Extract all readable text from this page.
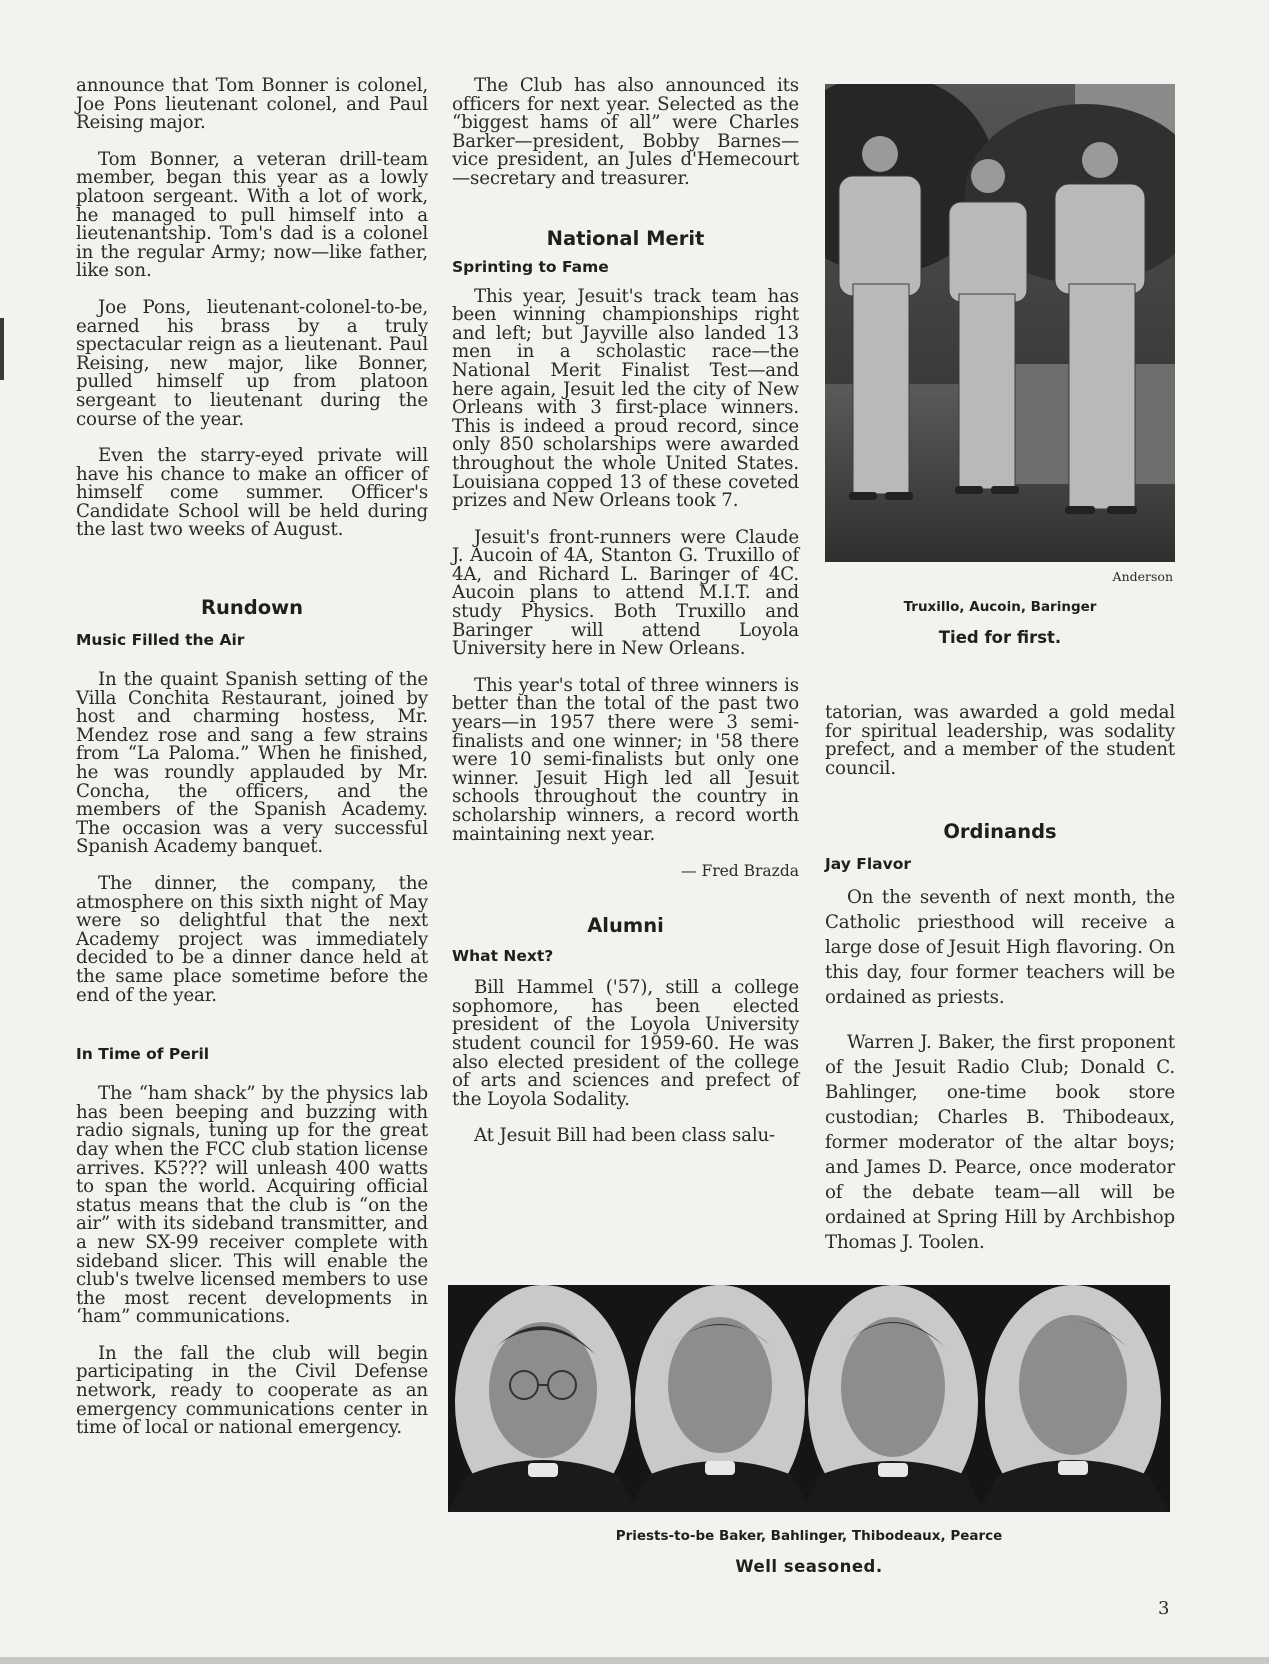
announce that Tom Bonner is colonel, Joe Pons lieutenant colonel, and Paul Reising major.

Tom Bonner, a veteran drill-team member, began this year as a lowly platoon sergeant. With a lot of work, he managed to pull himself into a lieutenantship. Tom's dad is a colonel in the regular Army; now—like father, like son.

Joe Pons, lieutenant-colonel-to-be, earned his brass by a truly spectacular reign as a lieutenant. Paul Reising, new major, like Bonner, pulled himself up from platoon sergeant to lieutenant during the course of the year.

Even the starry-eyed private will have his chance to make an officer of himself come summer. Officer's Candidate School will be held during the last two weeks of August.

Rundown
Music Filled the Air

In the quaint Spanish setting of the Villa Conchita Restaurant, joined by host and charming hostess, Mr. Mendez rose and sang a few strains from “La Paloma.” When he finished, he was roundly applauded by Mr. Concha, the officers, and the members of the Spanish Academy. The occasion was a very successful Spanish Academy banquet.

The dinner, the company, the atmosphere on this sixth night of May were so delightful that the next Academy project was immediately decided to be a dinner dance held at the same place sometime before the end of the year.

In Time of Peril

The “ham shack” by the physics lab has been beeping and buzzing with radio signals, tuning up for the great day when the FCC club station license arrives. K5??? will unleash 400 watts to span the world. Acquiring official status means that the club is “on the air” with its sideband transmitter, and a new SX-99 receiver complete with sideband slicer. This will enable the club's twelve licensed members to use the most recent developments in ‘ham” communications.

In the fall the club will begin participating in the Civil Defense network, ready to cooperate as an emergency communications center in time of local or national emergency.

The Club has also announced its officers for next year. Selected as the “biggest hams of all” were Charles Barker—president, Bobby Barnes—vice president, an Jules d'Hemecourt—secretary and treasurer.

National Merit
Sprinting to Fame

This year, Jesuit's track team has been winning championships right and left; but Jayville also landed 13 men in a scholastic race—the National Merit Finalist Test—and here again, Jesuit led the city of New Orleans with 3 first-place winners. This is indeed a proud record, since only 850 scholarships were awarded throughout the whole United States. Louisiana copped 13 of these coveted prizes and New Orleans took 7.

Jesuit's front-runners were Claude J. Aucoin of 4A, Stanton G. Truxillo of 4A, and Richard L. Baringer of 4C. Aucoin plans to attend M.I.T. and study Physics. Both Truxillo and Baringer will attend Loyola University here in New Orleans.

This year's total of three winners is better than the total of the past two years—in 1957 there were 3 semi-finalists and one winner; in '58 there were 10 semi-finalists but only one winner. Jesuit High led all Jesuit schools throughout the country in scholarship winners, a record worth maintaining next year.

— Fred Brazda

Alumni
What Next?

Bill Hammel ('57), still a college sophomore, has been elected president of the Loyola University student council for 1959-60. He was also elected president of the college of arts and sciences and prefect of the Loyola Sodality.

At Jesuit Bill had been class salu-

Anderson
Truxillo, Aucoin, Baringer
Tied for first.

tatorian, was awarded a gold medal for spiritual leadership, was sodality prefect, and a member of the student council.

Ordinands
Jay Flavor

On the seventh of next month, the Catholic priesthood will receive a large dose of Jesuit High flavoring. On this day, four former teachers will be ordained as priests.

Warren J. Baker, the first proponent of the Jesuit Radio Club; Donald C. Bahlinger, one-time book store custodian; Charles B. Thibodeaux, former moderator of the altar boys; and James D. Pearce, once moderator of the debate team—all will be ordained at Spring Hill by Archbishop Thomas J. Toolen.

Priests-to-be Baker, Bahlinger, Thibodeaux, Pearce
Well seasoned.
3
